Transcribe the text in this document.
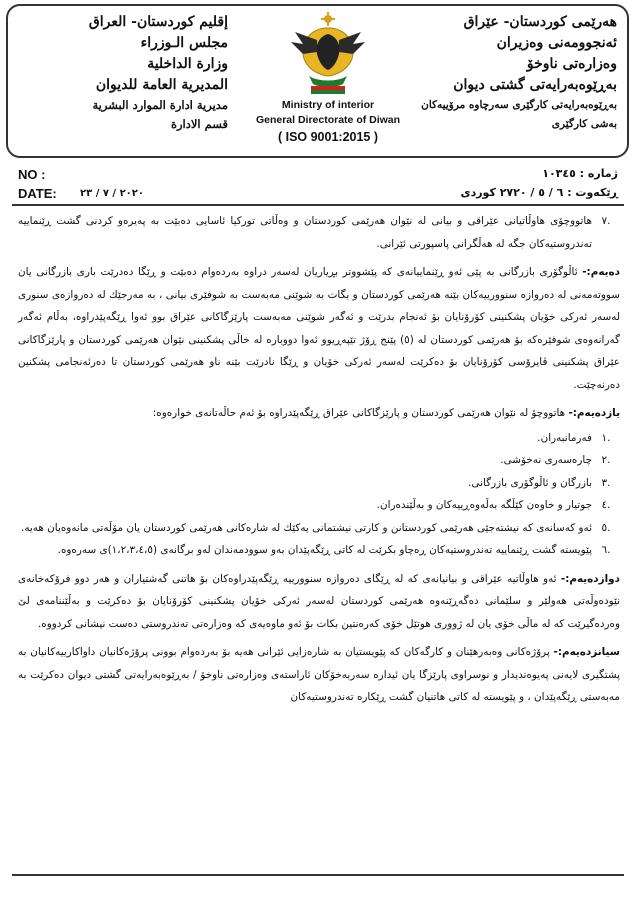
هەرێمی كوردستان- عێراق
ئەنجوومەنی وەزیران
وەزارەتی ناوخۆ
بەڕێوەبەرایەتی گشتی دیوان
بەڕێوەبەرایەتی كارگێری سەرچاوە مرۆییەكان
بەشی كارگێری
Ministry of interior
General Directorate of Diwan
( ISO 9001:2015 )
إقليم كوردستان- العراق
مجلس الـوزراء
وزارة الداخلية
المديرية العامة للديوان
مديرية ادارة الموارد البشرية
قسم الادارة
NO :	ژمارە : ١٠٣٤٥
DATE: ٢٠٢٠ / ٧ / ٢٣	ڕێكەوت : ٦ / ٥ / ٢٧٢٠ كوردی
.٧
هاتووچۆی هاوڵاتیانی عێراقی و بیانی لە نێوان هەرێمی كوردستان و وەڵاتی توركیا ئاسایی دەبێت بە پەیرەو كردنی گشت ڕێنماییە تەندروستیەكان جگە لە هەڵگرانی پاسپورتی ئێرانی.

دەیەم:- ئاڵوگۆری بازرگانی بە پێی ئەو ڕێنماییانەی كە پێشووتر بڕیاریان لەسەر دراوە بەردەوام دەبێت و ڕێگا دەدرێت باری بازرگانی یان سووتەمەنی لە دەروازە سنوورییەكان بێنە هەرێمی كوردستان و بگات بە شوێنی مەبەست بە شوفێری بیانی ، بە مەرجێك لە دەروازەی سنوری لەسەر ئەركی خۆیان پشكنینی كۆرۆنایان بۆ ئەنجام بدرێت و ئەگەر شوێنی مەبەست پارێزگاكانی عێراق بوو ئەوا ڕێگەپێدراوە، بەڵام ئەگەر گەرانەوەی شوفێرەكە بۆ هەرێمی كوردستان لە (٥) پێنج ڕۆژ تێپەڕیوو ئەوا دووبارە لە خاڵی پشكنینی نێوان هەرێمی كوردستان و پارێزگاكانی عێراق پشكنینی ڤایرۆسی كۆرۆنایان بۆ دەكرێت لەسەر ئەركی خۆیان و ڕێگا نادرێت بێنە ناو هەرێمی كوردستان تا دەرئەنجامی پشكنین دەرنەچێت.

یازدەیەم:- هاتووچۆ لە نێوان هەرێمی كوردستان و پارێزگاكانی عێراق ڕێگەپێدراوە بۆ ئەم حاڵەتانەی خوارەوە:

.١
فەرمانبەران.
.٢
چارەسەری نەخۆشی.
.٣
بازرگان و ئاڵوگۆری بازرگانی.
.٤
جوتیار و خاوەن كێڵگە بەڵەوەڕییەكان و بەڵێندەران.
.٥
ئەو كەسانەی كە نیشتەجێی هەرێمی كوردستانن و كارتی نیشتمانی یەكێك لە شارەكانی هەرێمی كوردستان یان مۆڵەتی مانەوەیان هەیە.
.٦
پێویستە گشت ڕێنماییە تەندروستیەكان ڕەچاو بكرێت لە كاتی ڕێگەپێدان بەو سوودمەندان لەو برگانەی (١،٢،٣،٤،٥)ی سەرەوە.

دوازدەیەم:- ئەو هاوڵاتیە عێراقی و بیانیانەی كە لە ڕێگای دەروازە سنوورییە ڕێگەپێدراوەكان بۆ هاتنی گەشتیاران و هەر دوو فرۆكەخانەی نێودەوڵەتی هەولێر و سلێمانی دەگەڕێنەوە هەرێمی كوردستان لەسەر ئەركی خۆیان پشكنینی كۆرۆنایان بۆ دەكرێت و بەڵێننامەی لێ وەردەگیرێت كە لە ماڵی خۆی یان لە ژووری هوتێل خۆی كەرەنتین بكات بۆ ئەو ماوەیەی كە وەزارەتی تەندروستی دەست نیشانی كردووە.

سیانزدەیەم:- پرۆژەكانی وەبەرهێنان و كارگەكان كە پێویستیان بە شارەزایی ئێرانی هەیە بۆ بەردەوام بوونی پرۆژەكانیان داواكارییەكانیان بە پشتگیری لایەنی پەیوەندیدار و نوسراوی پارێزگا یان ئیدارە سەربەخۆكان ئاراستەی وەزارەتی ناوخۆ / بەڕێوەبەرایەتی گشتی دیوان دەكرێت بە مەبەستی ڕێگەپێدان ، و پێویستە لە كاتی هاتنیان گشت ڕێكارە تەندروستیەكان
